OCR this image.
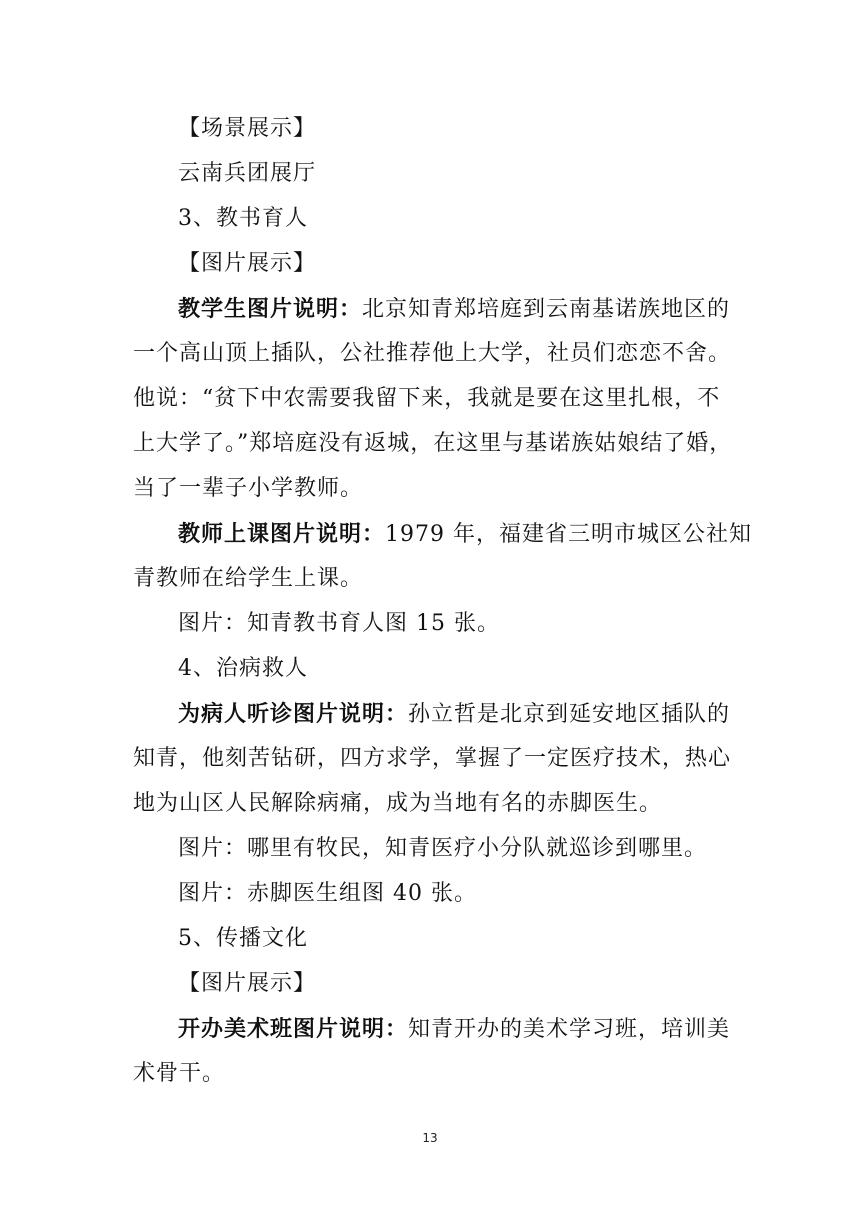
【场景展示】
云南兵团展厅
3、教书育人
【图片展示】
教学生图片说明：北京知青郑培庭到云南基诺族地区的
一个高山顶上插队，公社推荐他上大学，社员们恋恋不舍。
他说：“贫下中农需要我留下来，我就是要在这里扎根，不
上大学了。”郑培庭没有返城，在这里与基诺族姑娘结了婚，
当了一辈子小学教师。
教师上课图片说明：1979 年，福建省三明市城区公社知
青教师在给学生上课。
图片：知青教书育人图 15 张。
4、治病救人
为病人听诊图片说明：孙立哲是北京到延安地区插队的
知青，他刻苦钻研，四方求学，掌握了一定医疗技术，热心
地为山区人民解除病痛，成为当地有名的赤脚医生。
图片：哪里有牧民，知青医疗小分队就巡诊到哪里。
图片：赤脚医生组图 40 张。
5、传播文化
【图片展示】
开办美术班图片说明：知青开办的美术学习班，培训美
术骨干。
13
